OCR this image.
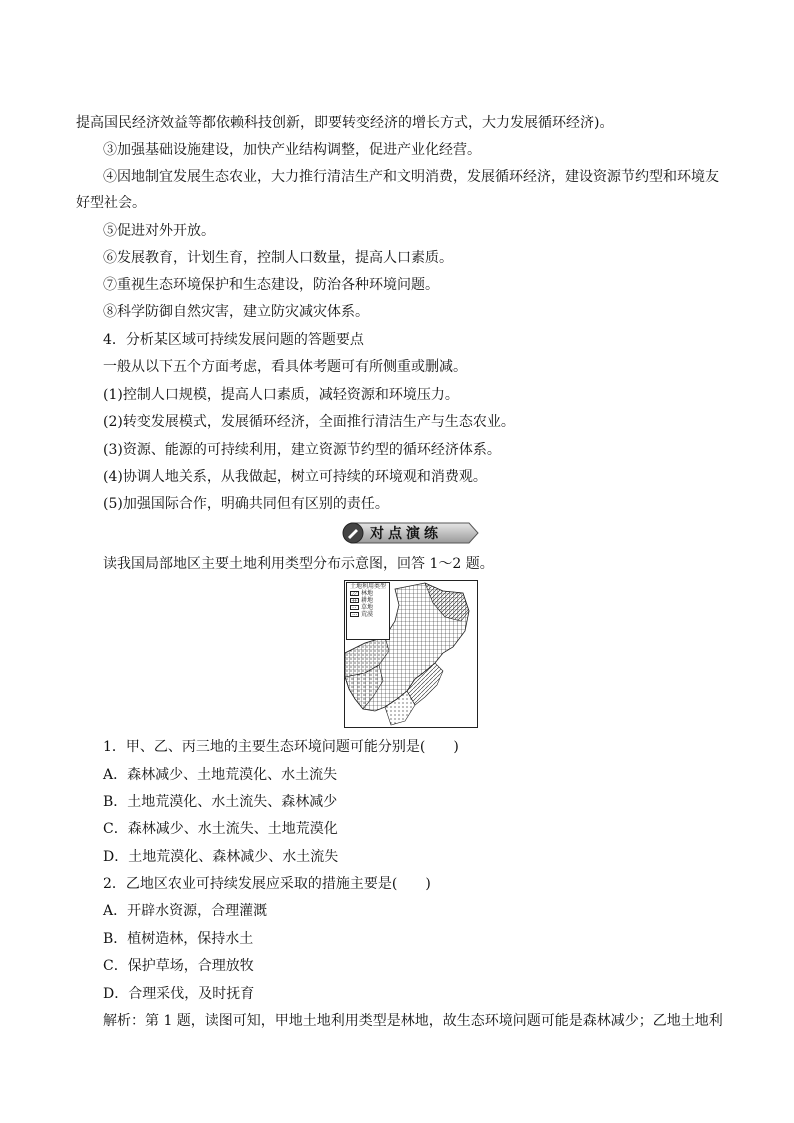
提高国民经济效益等都依赖科技创新，即要转变经济的增长方式，大力发展循环经济)。
③加强基础设施建设，加快产业结构调整，促进产业化经营。
④因地制宜发展生态农业，大力推行清洁生产和文明消费，发展循环经济，建设资源节约型和环境友
好型社会。
⑤促进对外开放。
⑥发展教育，计划生育，控制人口数量，提高人口素质。
⑦重视生态环境保护和生态建设，防治各种环境问题。
⑧科学防御自然灾害，建立防灾减灾体系。
4．分析某区域可持续发展问题的答题要点
一般从以下五个方面考虑，看具体考题可有所侧重或删减。
(1)控制人口规模，提高人口素质，减轻资源和环境压力。
(2)转变发展模式，发展循环经济，全面推行清洁生产与生态农业。
(3)资源、能源的可持续利用，建立资源节约型的循环经济体系。
(4)协调人地关系，从我做起，树立可持续的环境观和消费观。
(5)加强国际合作，明确共同但有区别的责任。
对点演练
读我国局部地区主要土地利用类型分布示意图，回答 1～2 题。
土地利用类型
林地
耕地
草地
荒漠
1．甲、乙、丙三地的主要生态环境问题可能分别是(　　)
A．森林减少、土地荒漠化、水土流失
B．土地荒漠化、水土流失、森林减少
C．森林减少、水土流失、土地荒漠化
D．土地荒漠化、森林减少、水土流失
2．乙地区农业可持续发展应采取的措施主要是(　　)
A．开辟水资源，合理灌溉
B．植树造林，保持水土
C．保护草场，合理放牧
D．合理采伐，及时抚育
解析：第 1 题，读图可知，甲地土地利用类型是林地，故生态环境问题可能是森林减少；乙地土地利
